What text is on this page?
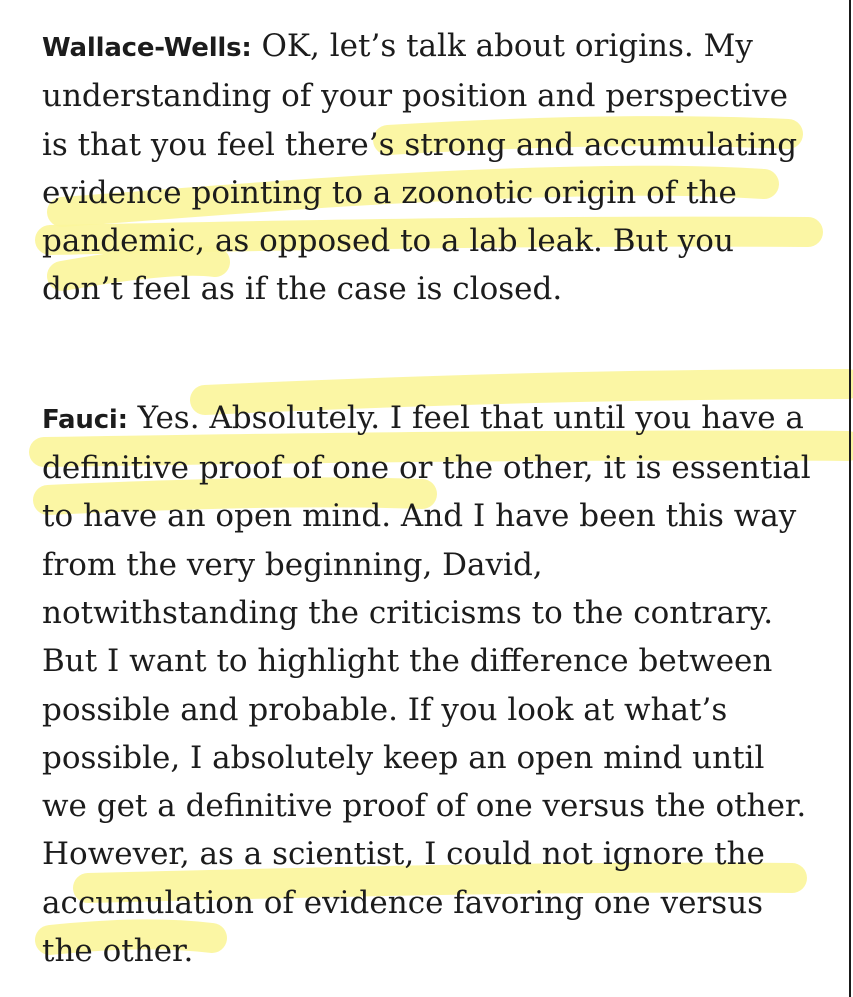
Wallace-Wells: OK, let’s talk about origins. My
understanding of your position and perspective
is that you feel there’s strong and accumulating
evidence pointing to a zoonotic origin of the
pandemic, as opposed to a lab leak. But you
don’t feel as if the case is closed.

Fauci: Yes. Absolutely. I feel that until you have a
definitive proof of one or the other, it is essential
to have an open mind. And I have been this way
from the very beginning, David,
notwithstanding the criticisms to the contrary.
But I want to highlight the difference between
possible and probable. If you look at what’s
possible, I absolutely keep an open mind until
we get a definitive proof of one versus the other.
However, as a scientist, I could not ignore the
accumulation of evidence favoring one versus
the other.
